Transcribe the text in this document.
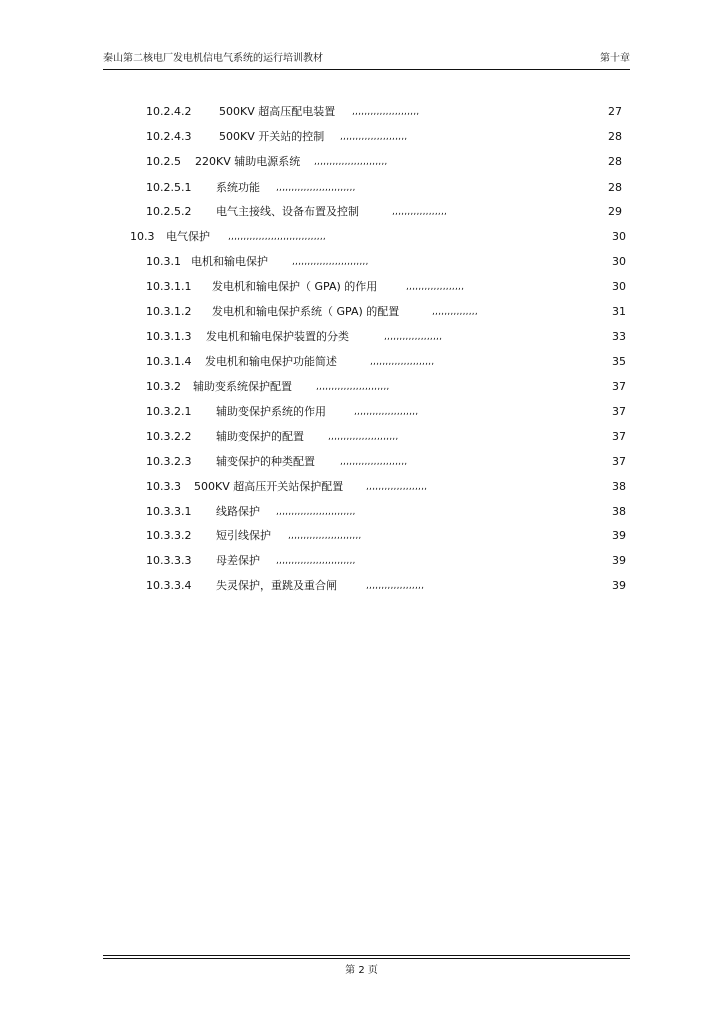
秦山第二核电厂发电机信电气系统的运行培训教材	第十章
10.2.4.2	500KV 超高压配电装置 ,,,,,,,,,,,,,,,,,,,,,,	27
10.2.4.3	500KV 开关站的控制 ,,,,,,,,,,,,,,,,,,,,,,	28
10.2.5 220KV 辅助电源系统 ,,,,,,,,,,,,,,,,,,,,,,,,	28
10.2.5.1 系统功能 ,,,,,,,,,,,,,,,,,,,,,,,,,,	28
10.2.5.2 电气主接线、设备布置及控制	,,,,,,,,,,,,,,,,,,	29
10.3 电气保护 ,,,,,,,,,,,,,,,,,,,,,,,,,,,,,,,,	30
10.3.1 电机和输电保护	,,,,,,,,,,,,,,,,,,,,,,,,,	30
10.3.1.1 发电机和输电保护（ GPA) 的作用	,,,,,,,,,,,,,,,,,,,	30
10.3.1.2 发电机和输电保护系统（ GPA) 的配置	,,,,,,,,,,,,,,,	31
10.3.1.3 发电机和输电保护装置的分类	,,,,,,,,,,,,,,,,,,,	33
10.3.1.4 发电机和输电保护功能简述	,,,,,,,,,,,,,,,,,,,,,	35
10.3.2 辅助变系统保护配置	,,,,,,,,,,,,,,,,,,,,,,,,	37
10.3.2.1 辅助变保护系统的作用	,,,,,,,,,,,,,,,,,,,,,	37
10.3.2.2 辅助变保护的配置	,,,,,,,,,,,,,,,,,,,,,,,	37
10.3.2.3 辅变保护的种类配置	,,,,,,,,,,,,,,,,,,,,,,	37
10.3.3 500KV 超高压开关站保护配置	,,,,,,,,,,,,,,,,,,,,	38
10.3.3.1 线路保护 ,,,,,,,,,,,,,,,,,,,,,,,,,,	38
10.3.3.2 短引线保护 ,,,,,,,,,,,,,,,,,,,,,,,,	39
10.3.3.3 母差保护 ,,,,,,,,,,,,,,,,,,,,,,,,,,	39
10.3.3.4 失灵保护，重跳及重合闸	,,,,,,,,,,,,,,,,,,,	39
第 2 页
